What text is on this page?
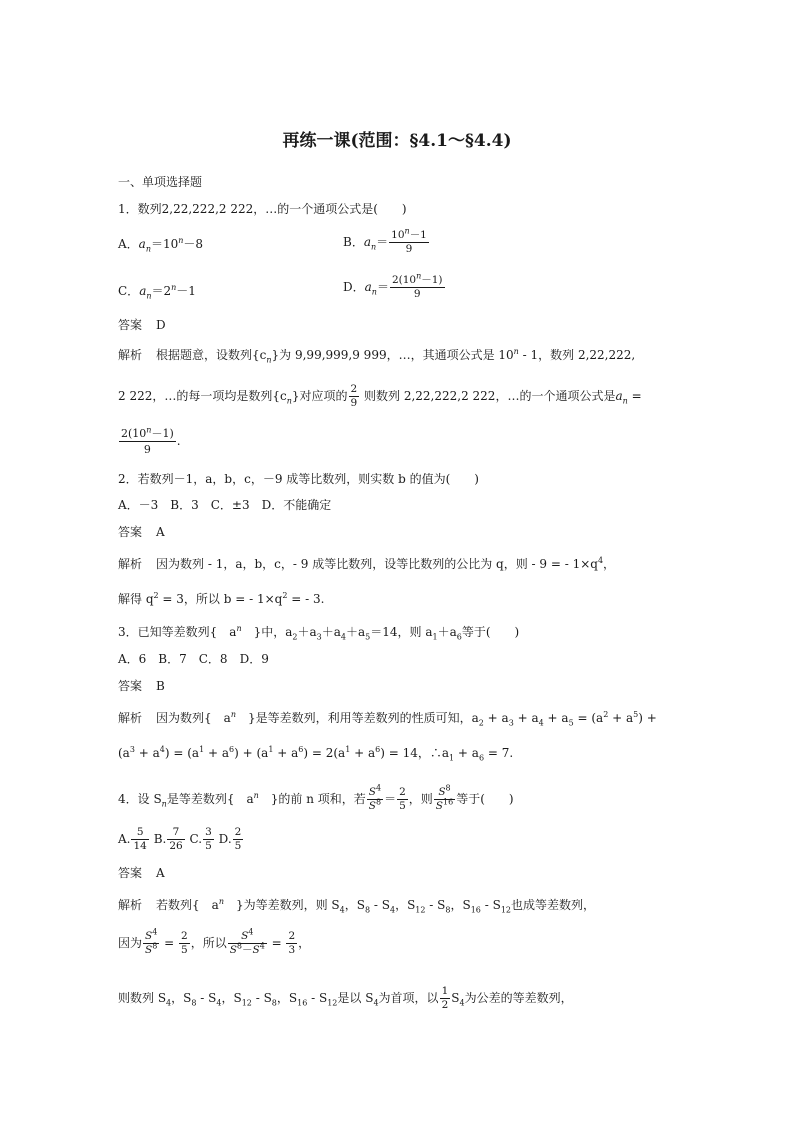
再练一课(范围：§4.1～§4.4)
一、单项选择题
1．数列2,22,222,2 222，…的一个通项公式是(　　)
A．$a_n=10^n-8$	B．$a_n= \frac{10^n-1}{9}$
C．$a_n=2^n-1$	D．$a_n= \frac{2(10^n-1)}{9}$
答案 D
解析 根据题意，设数列$\{c_n\}$为 9,99,999,9 999，…，其通项公式是 10$^n$ - 1，数列 2,22,222,
2 222，…的每一项均是数列$\{c_n\}$对应项的 $\frac{2}{9}$ 则数列 2,22,222,2 222，…的一个通项公式是$a_n$ =
$\frac{2(10^n-1)}{9}$ .
2．若数列－1，a，b，c，－9 成等比数列，则实数 b 的值为(　　)
A．－3　B．3　C．±3　D．不能确定
答案 A
解析 因为数列 - 1，a，b，c，- 9 成等比数列，设等比数列的公比为 q，则 - 9 = - $1\times q^4$，
解得 $q^2 = 3$，所以 b = - $1\times q^2$ = - 3.
3．已知等差数列{　$a^n$　}中，$a_2+a_3+a_4+a_5=14$，则 $a_1+a_6$等于(　　)
A．6　B．7　C．8　D．9
答案 B
解析 因为数列{　$a^n$　}是等差数列，利用等差数列的性质可知，$a_2 + a_3 + a_4 + a_5 = (a^2 + a^5)$ +
$(a^3 + a^4) = (a^1 + a^6) + (a^1 + a^6) = 2(a^1 + a^6) = 14$，$\therefore a_1 + a_6 = 7$.
4．设 $S_n$是等差数列{　$a^n$　}的前 n 项和，若 $\frac{S^4}{S^8} = \frac{2}{5}$ ，则 $\frac{S^8}{S^{16}}$ 等于(　　)
A. $\frac{5}{14} B$. $\frac{7}{26} C$. $\frac{3}{5} D$. $\frac{2}{5}$
答案 A
解析 若数列{　$a^n$　}为等差数列，则 $S_4$，$S_8 - S_4$，$S_{12} - S_8$，$S_{16} - S_{12}$也成等差数列，
因为 $\frac{S^4}{S^8} = \frac{2}{5}$ ，所以 $\frac{S^4}{S^8-S^4} = \frac{2}{3}$ ，
则数列 $S_4$，$S_8 - S_4$，$S_{12} - S_8$，$S_{16} - S_{12}$是以 $S_4$为首项，以 $\frac{1}{2} S_4$为公差的等差数列，
